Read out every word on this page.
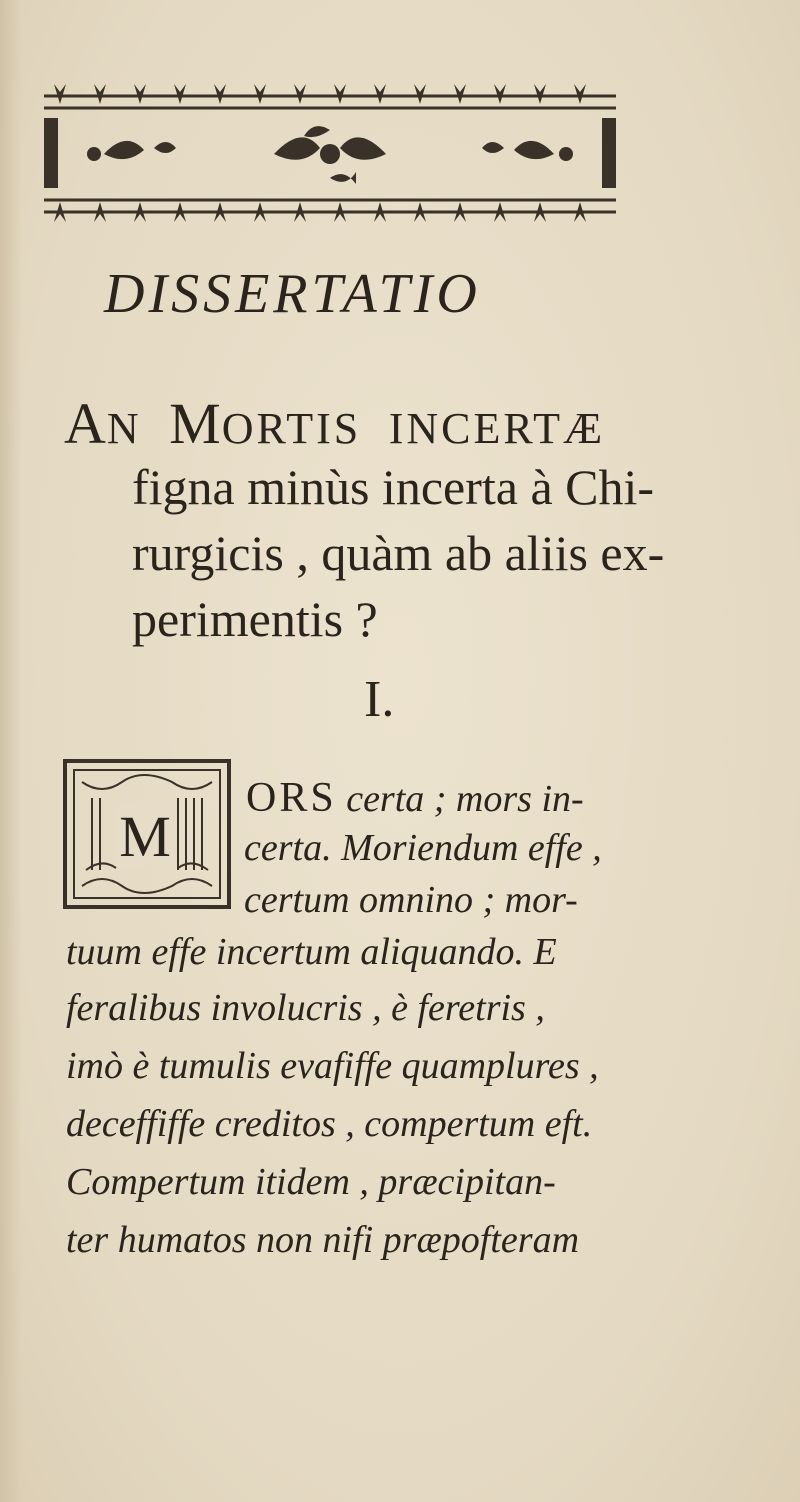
DISSERTATIO
AN MORTIS INCERTÆ
figna minùs incerta à Chi-
rurgicis , quàm ab aliis ex-
perimentis ?
I.
M
ORS certa ; mors in-
certa. Moriendum effe ,
certum omnino ; mor-
tuum effe incertum aliquando. E
feralibus involucris , è feretris ,
imò è tumulis evafiffe quamplures ,
deceffiffe creditos , compertum eft.
Compertum itidem , præcipitan-
ter humatos non nifi præpofteram
